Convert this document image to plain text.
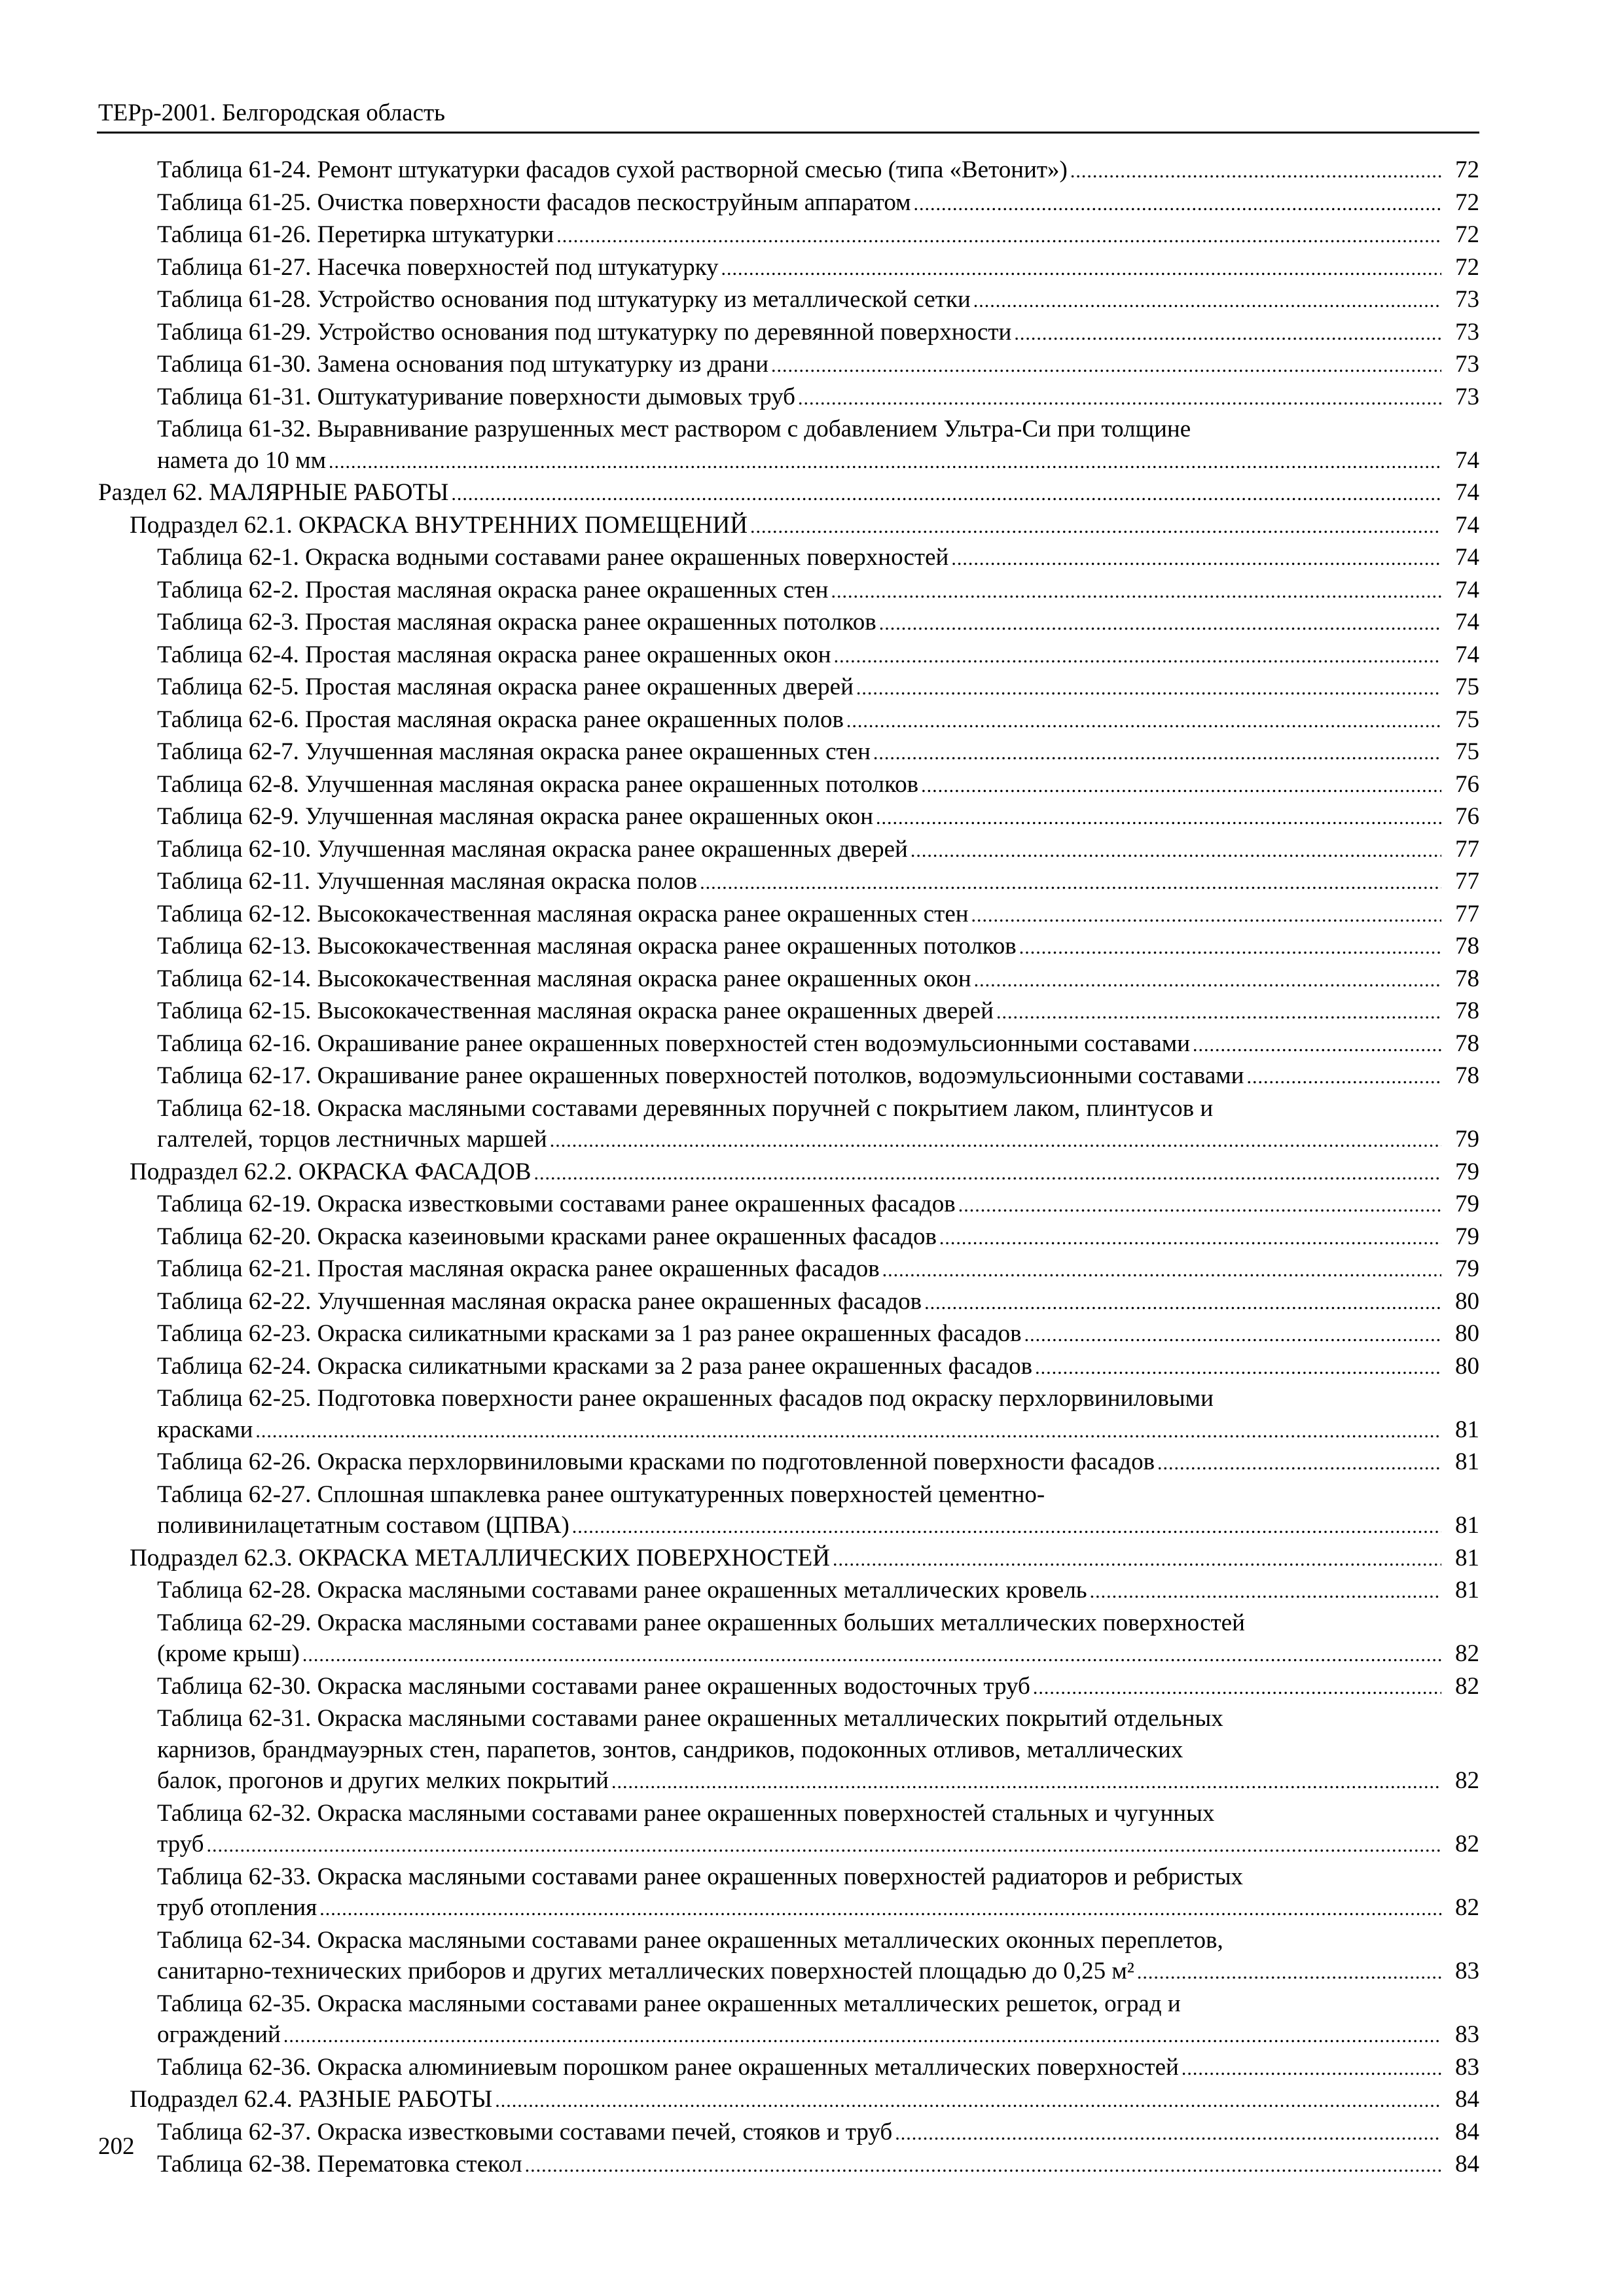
ТЕРр-2001. Белгородская область
Таблица 61-24. Ремонт штукатурки фасадов сухой растворной смесью (типа «Ветонит») .....	72
Таблица 61-25. Очистка поверхности фасадов пескоструйным аппаратом .....	72
Таблица 61-26. Перетирка штукатурки .....	72
Таблица 61-27. Насечка поверхностей под штукатурку .....	72
Таблица 61-28. Устройство основания под штукатурку из металлической сетки .....	73
Таблица 61-29. Устройство основания под штукатурку по деревянной поверхности .....	73
Таблица 61-30. Замена основания под штукатурку из драни .....	73
Таблица 61-31. Оштукатуривание поверхности дымовых труб .....	73
Таблица 61-32. Выравнивание разрушенных мест раствором с добавлением Ультра-Си при толщине
намета до 10 мм .....	74
Раздел 62. МАЛЯРНЫЕ РАБОТЫ .....	74
Подраздел 62.1. ОКРАСКА ВНУТРЕННИХ ПОМЕЩЕНИЙ .....	74
Таблица 62-1. Окраска водными составами ранее окрашенных поверхностей .....	74
Таблица 62-2. Простая масляная окраска ранее окрашенных стен .....	74
Таблица 62-3. Простая масляная окраска ранее окрашенных потолков .....	74
Таблица 62-4. Простая масляная окраска ранее окрашенных окон .....	74
Таблица 62-5. Простая масляная окраска ранее окрашенных дверей .....	75
Таблица 62-6. Простая масляная окраска ранее окрашенных полов .....	75
Таблица 62-7. Улучшенная масляная окраска ранее окрашенных стен .....	75
Таблица 62-8. Улучшенная масляная окраска ранее окрашенных потолков .....	76
Таблица 62-9. Улучшенная масляная окраска ранее окрашенных окон .....	76
Таблица 62-10. Улучшенная масляная окраска ранее окрашенных дверей .....	77
Таблица 62-11. Улучшенная масляная окраска полов .....	77
Таблица 62-12. Высококачественная масляная окраска ранее окрашенных стен .....	77
Таблица 62-13. Высококачественная масляная окраска ранее окрашенных потолков .....	78
Таблица 62-14. Высококачественная масляная окраска ранее окрашенных окон .....	78
Таблица 62-15. Высококачественная масляная окраска ранее окрашенных дверей .....	78
Таблица 62-16. Окрашивание ранее окрашенных поверхностей стен водоэмульсионными составами .....	78
Таблица 62-17. Окрашивание ранее окрашенных поверхностей потолков, водоэмульсионными составами .....	78
Таблица 62-18. Окраска масляными составами деревянных поручней с покрытием лаком, плинтусов и
галтелей, торцов лестничных маршей .....	79
Подраздел 62.2. ОКРАСКА ФАСАДОВ .....	79
Таблица 62-19. Окраска известковыми составами ранее окрашенных фасадов .....	79
Таблица 62-20. Окраска казеиновыми красками ранее окрашенных фасадов .....	79
Таблица 62-21. Простая масляная окраска ранее окрашенных фасадов .....	79
Таблица 62-22. Улучшенная масляная окраска ранее окрашенных фасадов .....	80
Таблица 62-23. Окраска силикатными красками за 1 раз ранее окрашенных фасадов .....	80
Таблица 62-24. Окраска силикатными красками за 2 раза ранее окрашенных фасадов .....	80
Таблица 62-25. Подготовка поверхности ранее окрашенных фасадов под окраску перхлорвиниловыми
красками .....	81
Таблица 62-26. Окраска перхлорвиниловыми красками по подготовленной поверхности фасадов .....	81
Таблица 62-27. Сплошная шпаклевка ранее оштукатуренных поверхностей цементно-
поливинилацетатным составом (ЦПВА) .....	81
Подраздел 62.3. ОКРАСКА МЕТАЛЛИЧЕСКИХ ПОВЕРХНОСТЕЙ .....	81
Таблица 62-28. Окраска масляными составами ранее окрашенных металлических кровель .....	81
Таблица 62-29. Окраска масляными составами ранее окрашенных больших металлических поверхностей
(кроме крыш) .....	82
Таблица 62-30. Окраска масляными составами ранее окрашенных водосточных труб .....	82
Таблица 62-31. Окраска масляными составами ранее окрашенных металлических покрытий отдельных
карнизов, брандмауэрных стен, парапетов, зонтов, сандриков, подоконных отливов, металлических
балок, прогонов и других мелких покрытий .....	82
Таблица 62-32. Окраска масляными составами ранее окрашенных поверхностей стальных и чугунных
труб .....	82
Таблица 62-33. Окраска масляными составами ранее окрашенных поверхностей радиаторов и ребристых
труб отопления .....	82
Таблица 62-34. Окраска масляными составами ранее окрашенных металлических оконных переплетов,
санитарно-технических приборов и других металлических поверхностей площадью до 0,25 м² .....	83
Таблица 62-35. Окраска масляными составами ранее окрашенных металлических решеток, оград и
ограждений .....	83
Таблица 62-36. Окраска алюминиевым порошком ранее окрашенных металлических поверхностей .....	83
Подраздел 62.4. РАЗНЫЕ РАБОТЫ .....	84
Таблица 62-37. Окраска известковыми составами печей, стояков и труб .....	84
Таблица 62-38. Перематовка стекол .....	84
202
